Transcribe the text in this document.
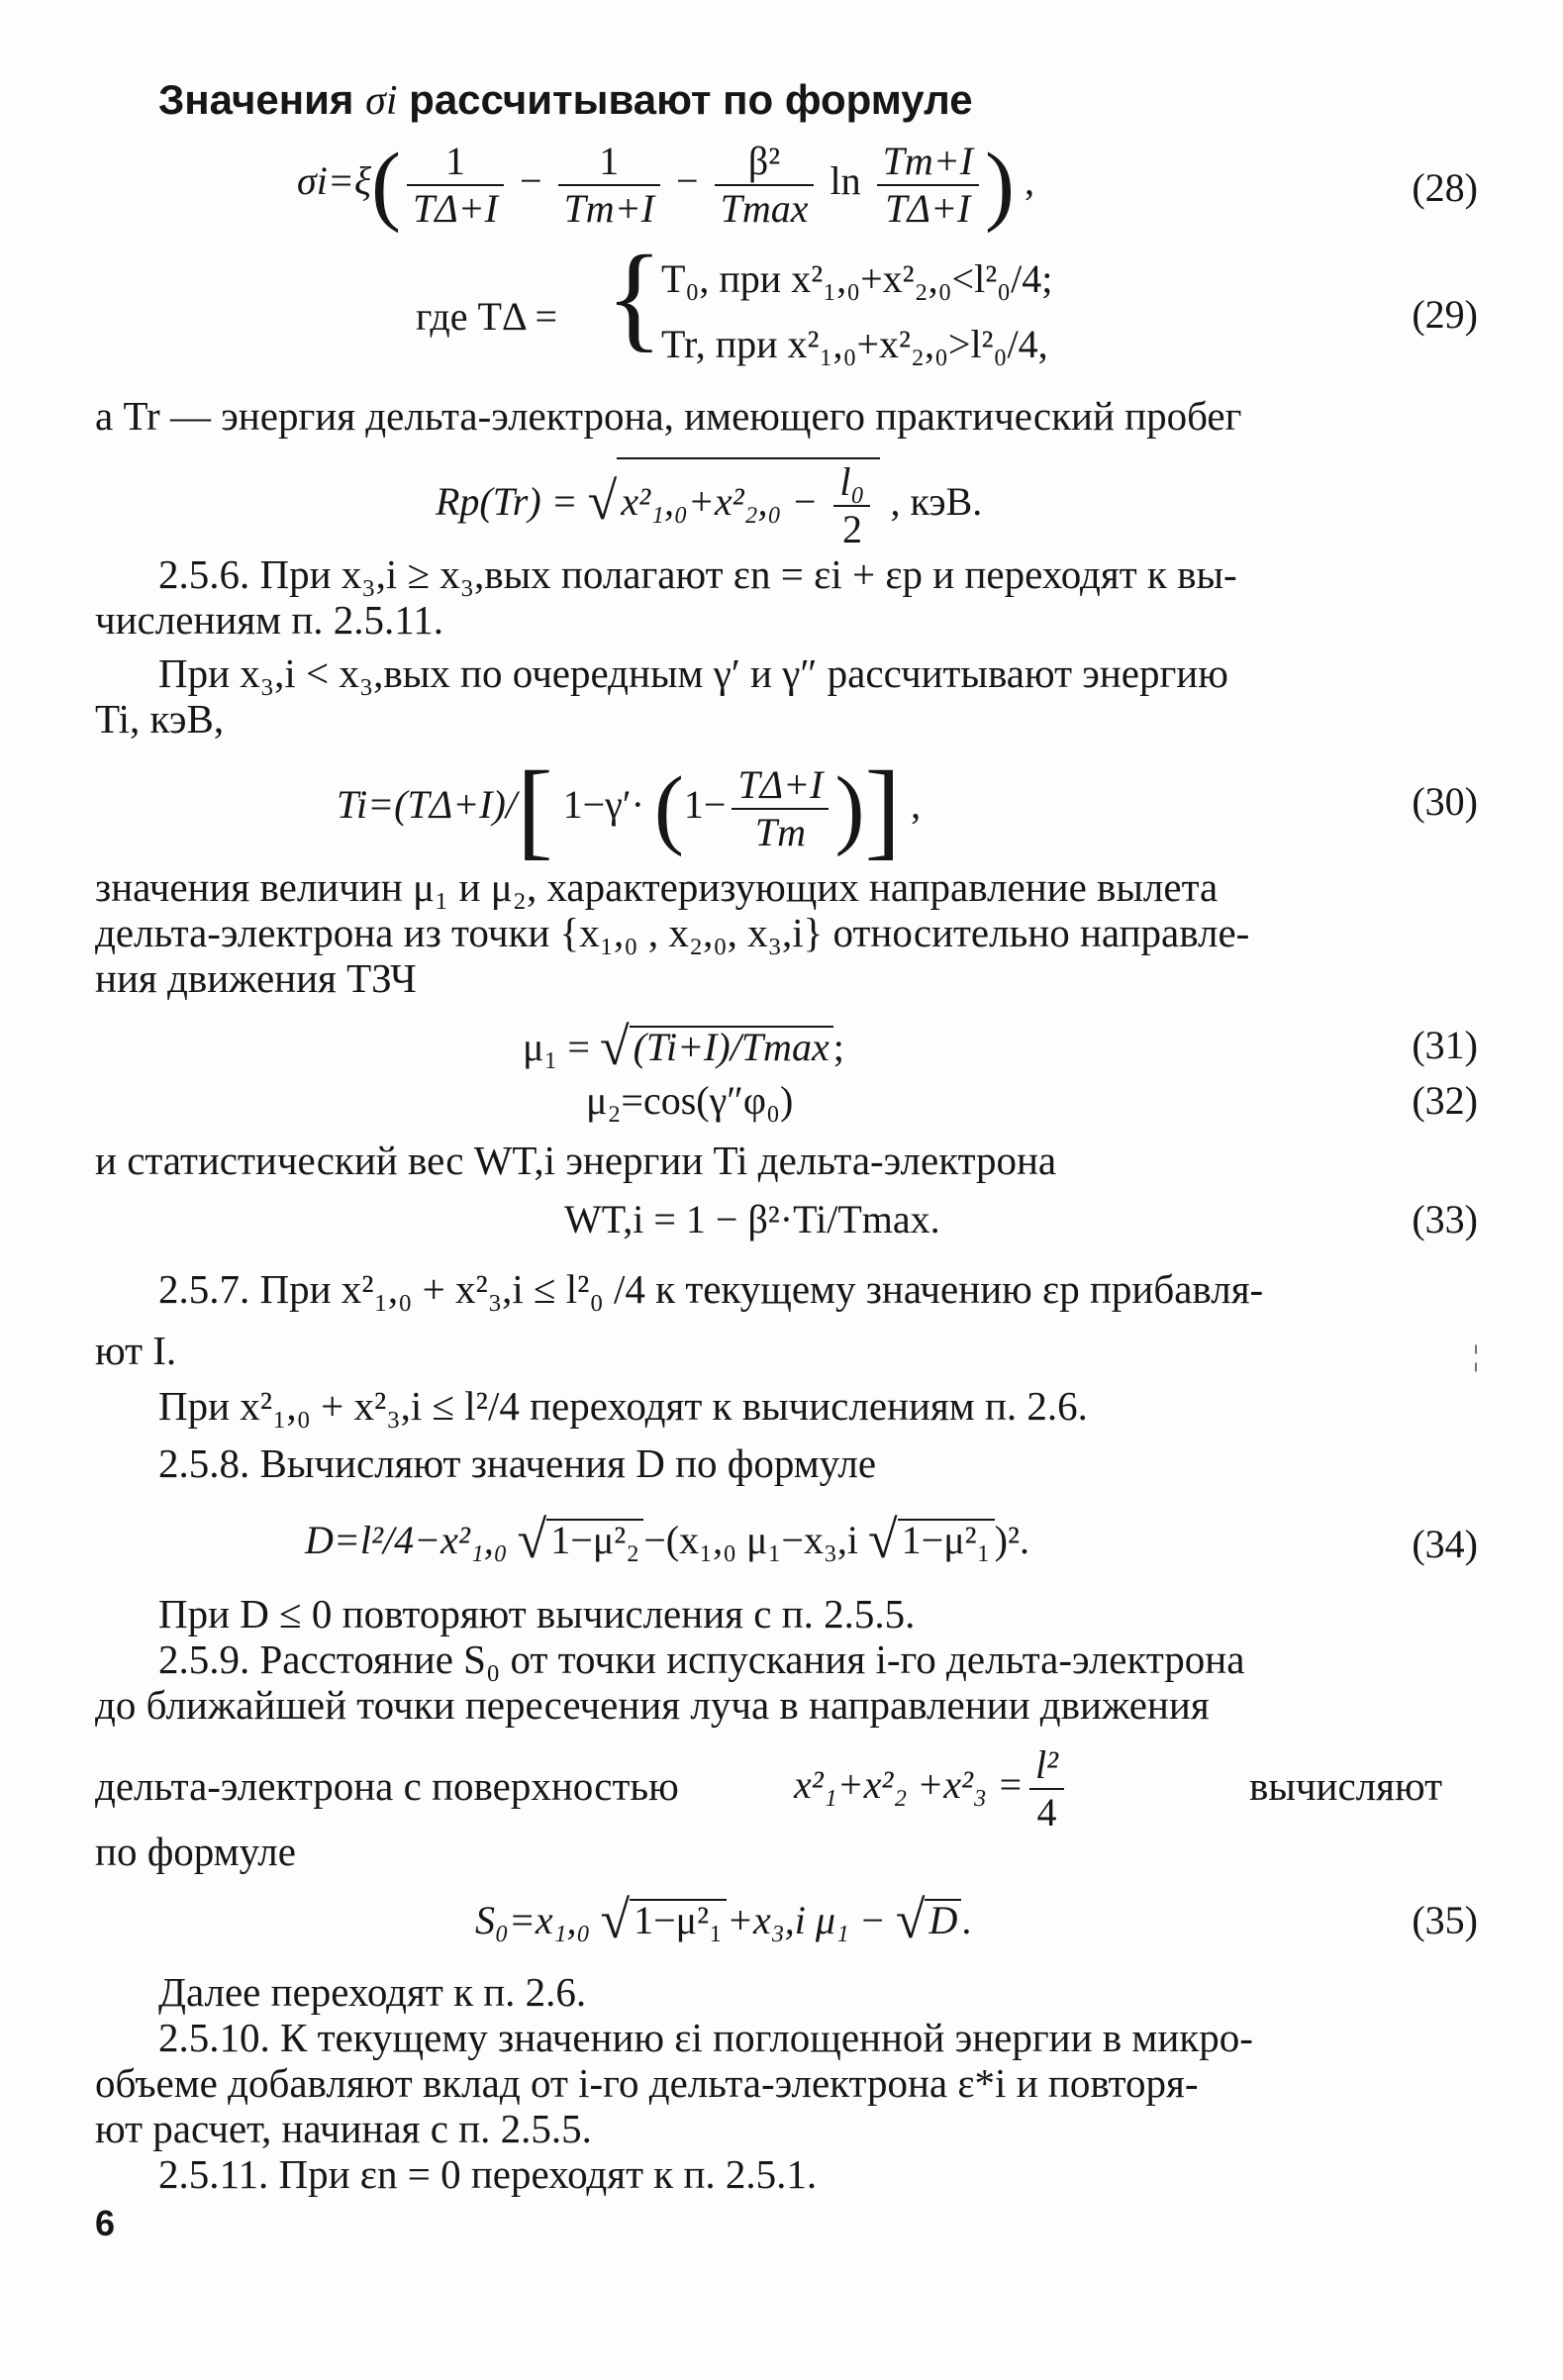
Значения σi рассчитывают по формуле
$\sigma i=\xi( \frac{1}{T\Delta+I} - \frac{1}{Tm+I} - \frac{\text{β²}}{Tmax}$ $\ln \frac{Tm+I}{T\Delta+I}$ ) ,	(28)
где TΔ = {
T₀, при x²₁,₀+x²₂,₀<l²₀/4;
Tr, при x²₁,₀+x²₂,₀>l²₀/4,
(29)
а Tr — энергия дельта-электрона, имеющего практический пробег
Rp(Tr) = √ $x^2_1,_0+x^2_2,_0 - \frac{\text{l₀}}{2}$ , кэВ.
2.5.6. При x₃,i ≥ x₃,вых полагают εn = εi + εp и переходят к вы-
числениям п. 2.5.11.
При x₃,i < x₃,вых по очередным γ′ и γ″ рассчитывают энергию
Ti, кэВ,
Ti=(TΔ+I)/[ $1-\gamma'\cdot (1- \frac{T\Delta+I}{Tm}$ )] ,	(30)
значения величин μ₁ и μ₂, характеризующих направление вылета
дельта-электрона из точки {x₁,₀ , x₂,₀, x₃,i} относительно направле-
ния движения ТЗЧ
μ₁ = √ (Ti+I)/Tmax ;	(31)
μ₂=cos(γ″φ₀)	(32)
и статистический вес WT,i энергии Ti дельта-электрона
WT,i = 1 − β²·Ti/Tmax.	(33)
2.5.7. При x²₁,₀ + x²₃,i ≤ l²₀ /4 к текущему значению εp прибавля-
ют I.	¦
При x²₁,₀ + x²₃,i ≤ l²/4 переходят к вычислениям п. 2.6.
2.5.8. Вычисляют значения D по формуле
D=l²/4−x²₁,₀ √ 1−μ²₂ −(x₁,₀ μ₁−x₃,i √ 1−μ²₁ )².	(34)
При D ≤ 0 повторяют вычисления с п. 2.5.5.
2.5.9. Расстояние S₀ от точки испускания i-го дельта-электрона
до ближайшей точки пересечения луча в направлении движения
дельта-электрона с поверхностью	$x^2_1+x^2_2 +x^2_3 = \frac{\text{l²}}{4}$	вычисляют
по формуле
S₀=x₁,₀ √ 1−μ²₁ +x₃,i μ₁ − √ D .	(35)
Далее переходят к п. 2.6.
2.5.10. К текущему значению εi поглощенной энергии в микро-
объеме добавляют вклад от i-го дельта-электрона ε*i и повторя-
ют расчет, начиная с п. 2.5.5.
2.5.11. При εn = 0 переходят к п. 2.5.1.
6
